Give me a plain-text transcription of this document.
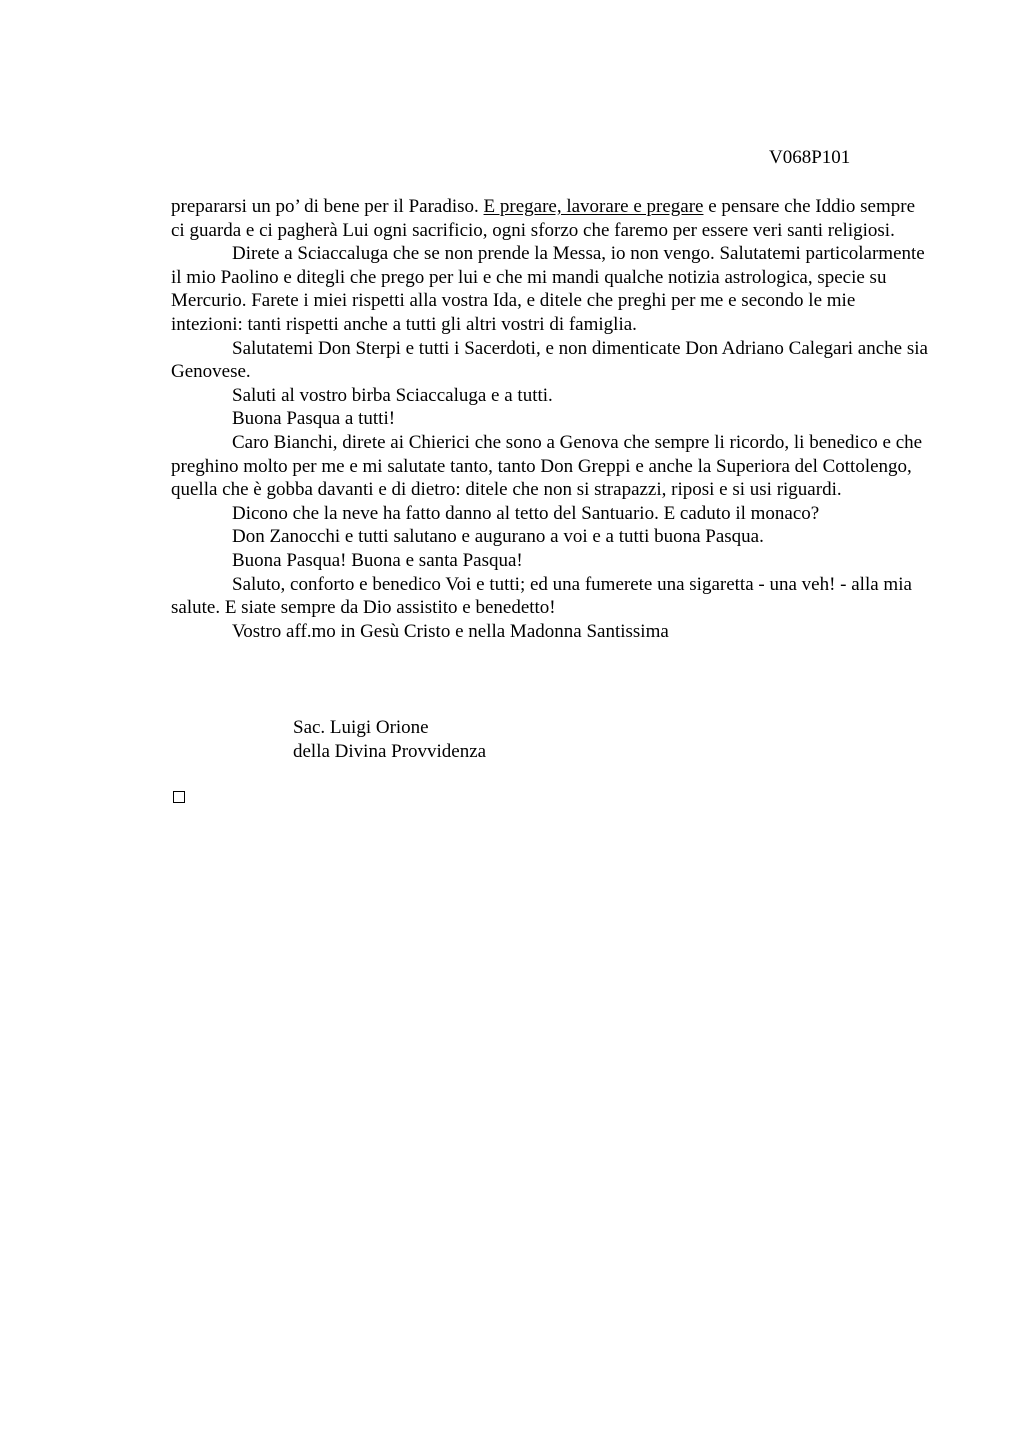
V068P101

prepararsi un po’ di bene per il Paradiso. E pregare, lavorare e pregare e pensare che Iddio sempre ci guarda e ci pagherà Lui ogni sacrificio, ogni sforzo che faremo per essere veri santi religiosi.

Direte a Sciaccaluga che se non prende la Messa, io non vengo. Salutatemi particolarmente il mio Paolino e ditegli che prego per lui e che mi mandi qualche notizia astrologica, specie su Mercurio. Farete i miei rispetti alla vostra Ida, e ditele che preghi per me e secondo le mie intezioni: tanti rispetti anche a tutti gli altri vostri di famiglia.

Salutatemi Don Sterpi e tutti i Sacerdoti, e non dimenticate Don Adriano Calegari anche sia Genovese.

Saluti al vostro birba Sciaccaluga e a tutti.

Buona Pasqua a tutti!

Caro Bianchi, direte ai Chierici che sono a Genova che sempre li ricordo, li benedico e che preghino molto per me e mi salutate tanto, tanto Don Greppi e anche la Superiora del Cottolengo, quella che è gobba davanti e di dietro: ditele che non si strapazzi, riposi e si usi riguardi.

Dicono che la neve ha fatto danno al tetto del Santuario. E caduto il monaco?

Don Zanocchi e tutti salutano e augurano a voi e a tutti buona Pasqua.

Buona Pasqua! Buona e santa Pasqua!

Saluto, conforto e benedico Voi e tutti; ed una fumerete una sigaretta - una veh! - alla mia salute. E siate sempre da Dio assistito e benedetto!

Vostro aff.mo in Gesù Cristo e nella Madonna Santissima

Sac. Luigi Orione
della Divina Provvidenza
